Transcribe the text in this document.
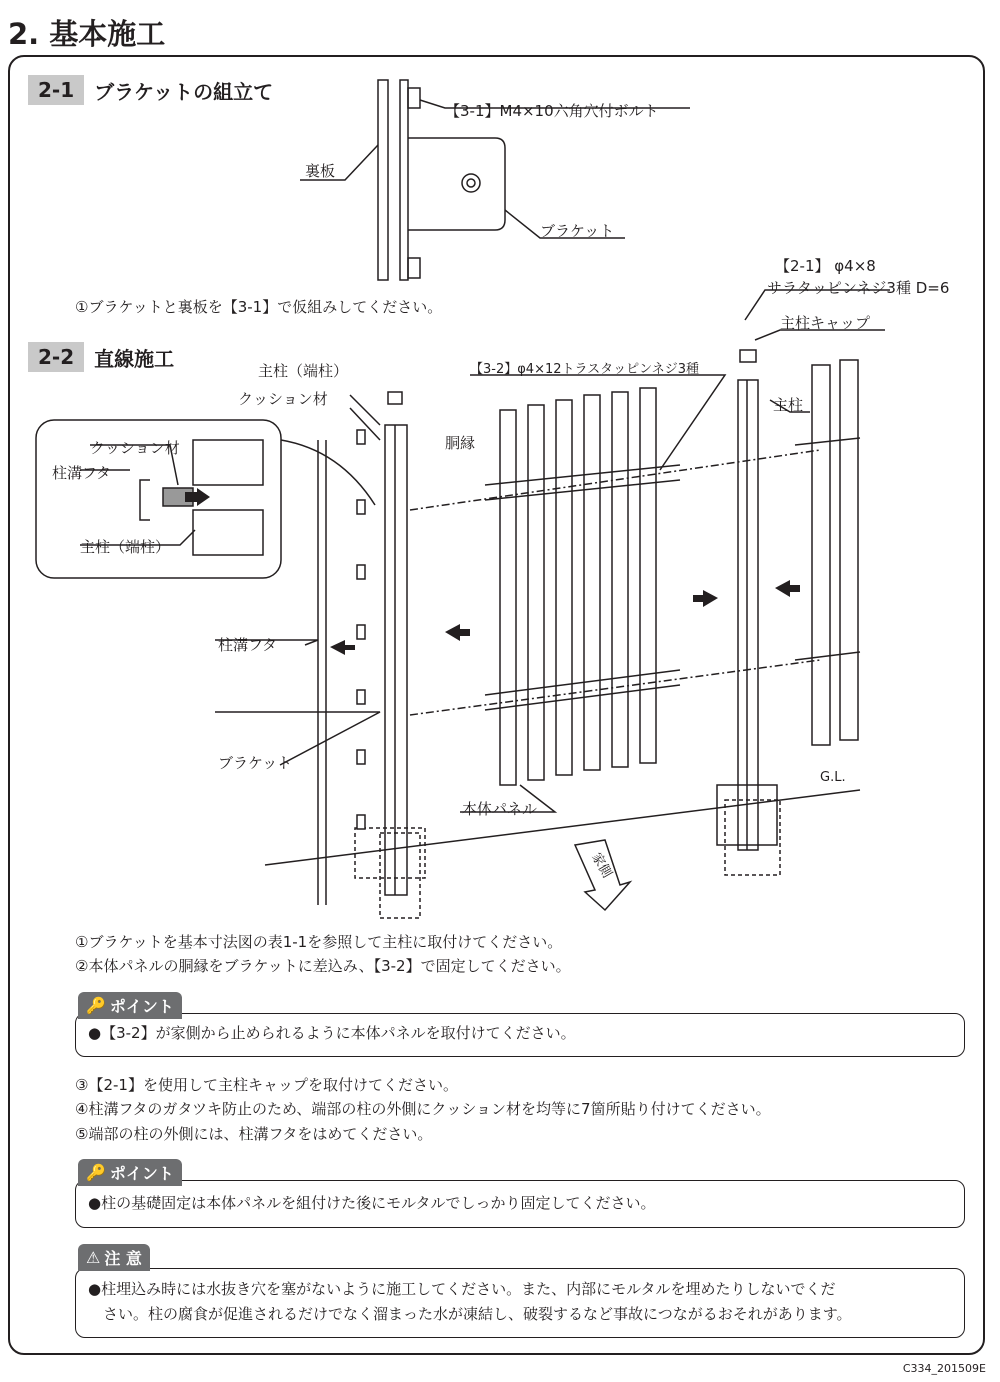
2. 基本施工
2-1	ブラケットの組立て
【3-1】M4×10六角穴付ボルト
裏板
ブラケット
①ブラケットと裏板を【3-1】で仮組みしてください。
2-2	直線施工
主柱（端柱）
クッション材
クッション材
柱溝フタ
主柱（端柱）
【3-2】φ4×12トラスタッピンネジ3種
胴縁
【2-1】 φ4×8
サラタッピンネジ3種 D=6
主柱キャップ
主柱
柱溝フタ
ブラケット
本体パネル
G.L.
家側
①ブラケットを基本寸法図の表1-1を参照して主柱に取付けてください。
②本体パネルの胴縁をブラケットに差込み、【3-2】で固定してください。
●【3-2】が家側から止められるように本体パネルを取付けてください。
🔑 ポイント
③【2-1】を使用して主柱キャップを取付けてください。
④柱溝フタのガタツキ防止のため、端部の柱の外側にクッション材を均等に7箇所貼り付けてください。
⑤端部の柱の外側には、柱溝フタをはめてください。
●柱の基礎固定は本体パネルを組付けた後にモルタルでしっかり固定してください。
🔑 ポイント
●柱埋込み時には水抜き穴を塞がないように施工してください。また、内部にモルタルを埋めたりしないでくだ
　さい。柱の腐食が促進されるだけでなく溜まった水が凍結し、破裂するなど事故につながるおそれがあります。
⚠ 注 意
C334_201509E
